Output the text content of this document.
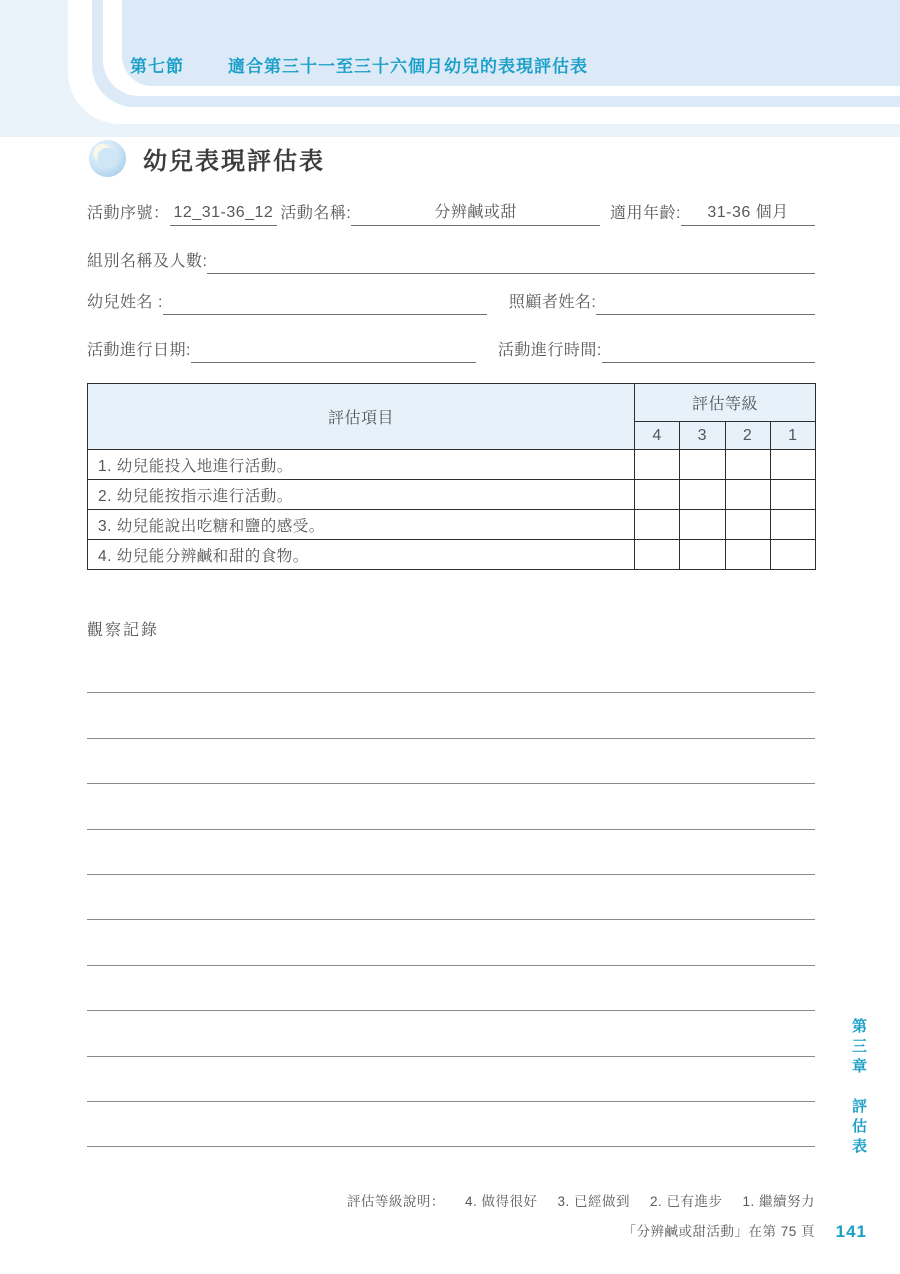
第七節	適合第三十一至三十六個月幼兒的表現評估表
幼兒表現評估表
活動序號： 12_31-36_12 活動名稱:	分辨鹹或甜	適用年齡:	31-36 個月
組別名稱及人數:
幼兒姓名 :	照顧者姓名:
活動進行日期:	活動進行時間:
評估項目	評估等級			
	4	3	2	1
1. 幼兒能投入地進行活動。				
2. 幼兒能按指示進行活動。				
3. 幼兒能說出吃糖和鹽的感受。				
4. 幼兒能分辨鹹和甜的食物。				
觀察記錄
評估等級說明： 4. 做得很好 3. 已經做到 2. 已有進步 1. 繼續努力
「分辨鹹或甜活動」在第 75 頁 141
第三章
評估表
